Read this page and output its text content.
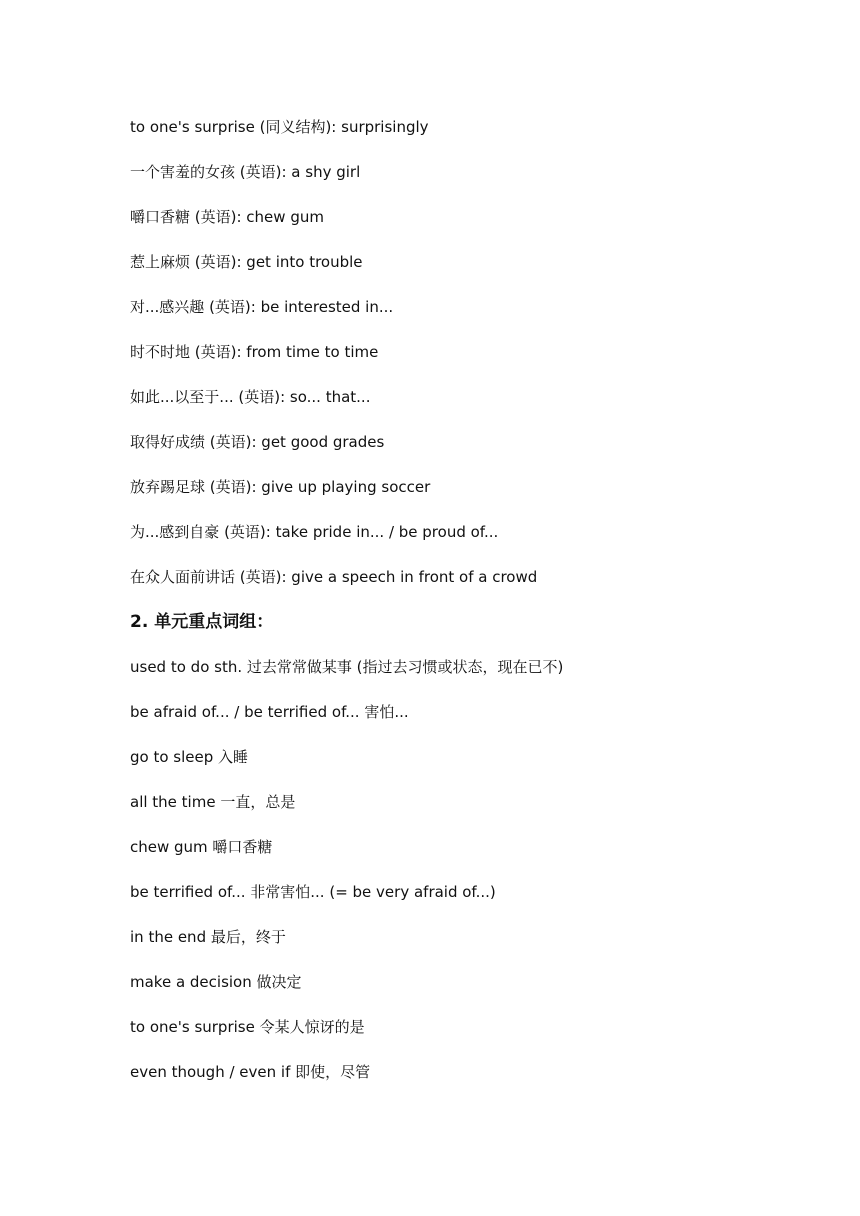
to one's surprise (同义结构): surprisingly
一个害羞的女孩 (英语): a shy girl
嚼口香糖 (英语): chew gum
惹上麻烦 (英语): get into trouble
对...感兴趣 (英语): be interested in...
时不时地 (英语): from time to time
如此...以至于... (英语): so... that...
取得好成绩 (英语): get good grades
放弃踢足球 (英语): give up playing soccer
为...感到自豪 (英语): take pride in... / be proud of...
在众人面前讲话 (英语): give a speech in front of a crowd
2. 单元重点词组：
used to do sth. 过去常常做某事 (指过去习惯或状态，现在已不)
be afraid of... / be terrified of... 害怕...
go to sleep 入睡
all the time 一直，总是
chew gum 嚼口香糖
be terrified of... 非常害怕... (= be very afraid of...)
in the end 最后，终于
make a decision 做决定
to one's surprise 令某人惊讶的是
even though / even if 即使，尽管
